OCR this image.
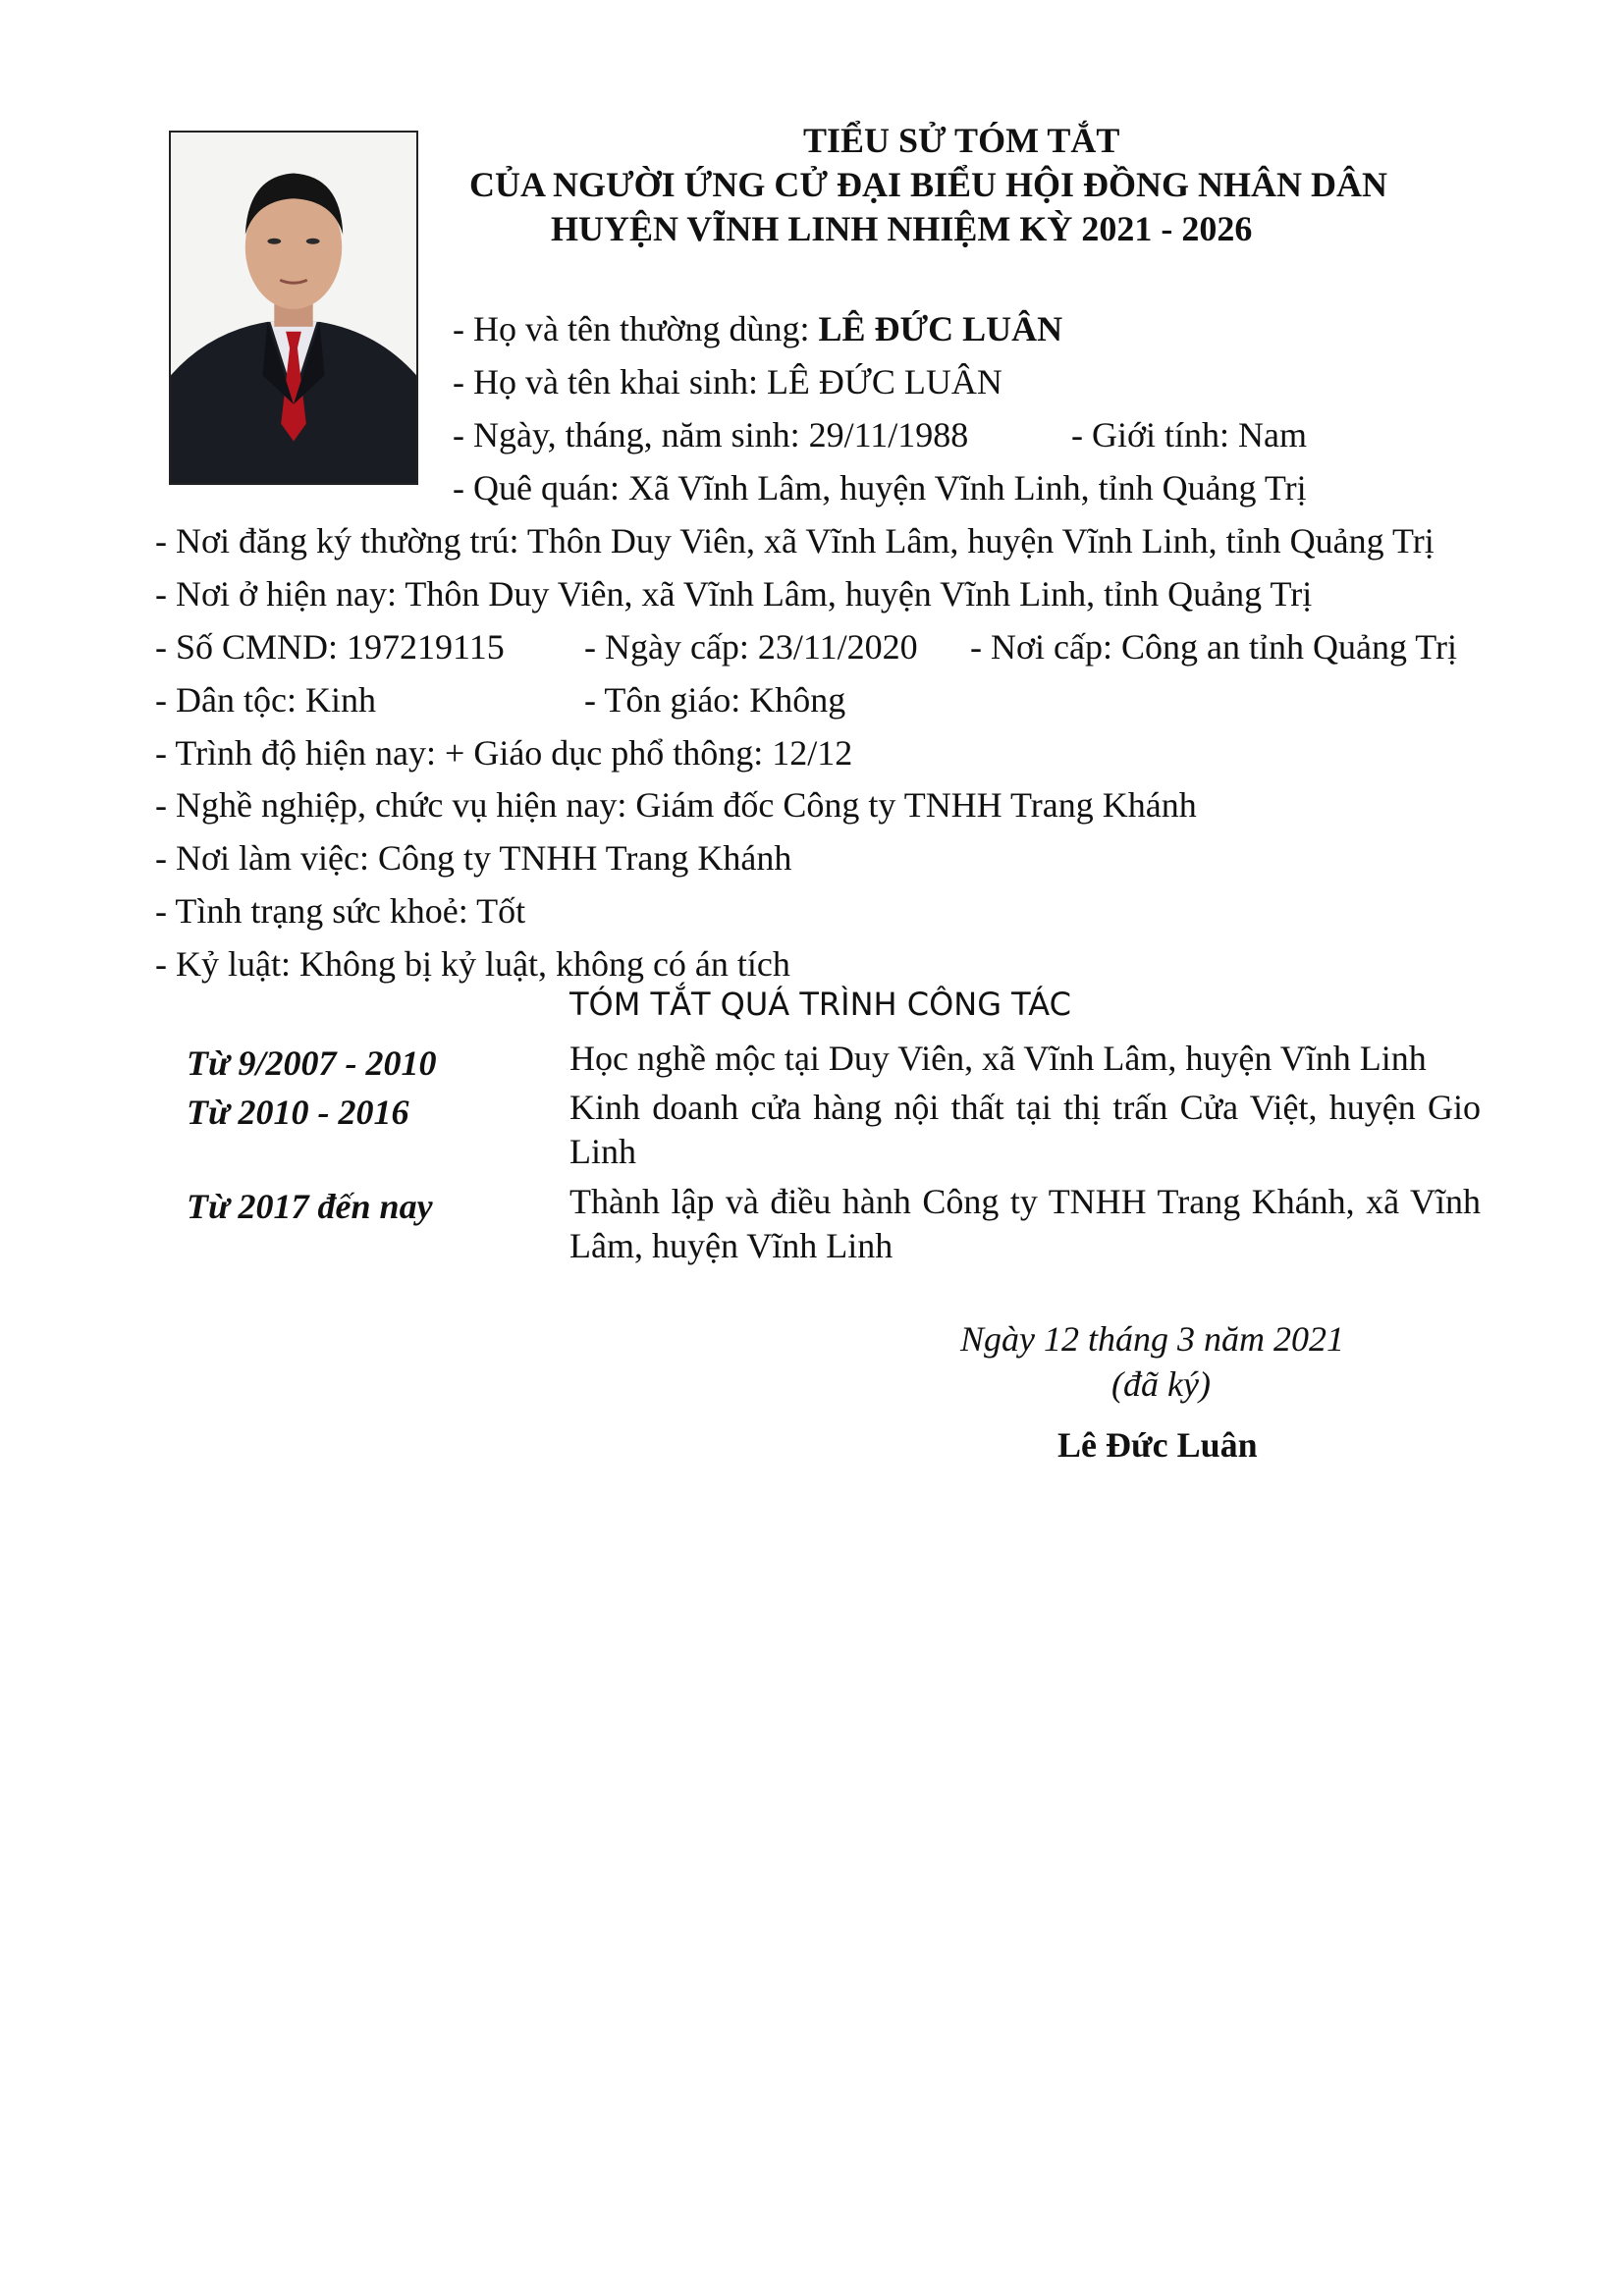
TIỂU SỬ TÓM TẮT
CỦA NGƯỜI ỨNG CỬ ĐẠI BIỂU HỘI ĐỒNG NHÂN DÂN
HUYỆN VĨNH LINH NHIỆM KỲ 2021 - 2026
- Họ và tên thường dùng: LÊ ĐỨC LUÂN
- Họ và tên khai sinh: LÊ ĐỨC LUÂN
- Ngày, tháng, năm sinh: 29/11/1988	- Giới tính: Nam
- Quê quán: Xã Vĩnh Lâm, huyện Vĩnh Linh, tỉnh Quảng Trị
- Nơi đăng ký thường trú: Thôn Duy Viên, xã Vĩnh Lâm, huyện Vĩnh Linh, tỉnh Quảng Trị
- Nơi ở hiện nay: Thôn Duy Viên, xã Vĩnh Lâm, huyện Vĩnh Linh, tỉnh Quảng Trị
- Số CMND: 197219115 - Ngày cấp: 23/11/2020 - Nơi cấp: Công an tỉnh Quảng Trị
- Dân tộc: Kinh	- Tôn giáo: Không
- Trình độ hiện nay: + Giáo dục phổ thông: 12/12
- Nghề nghiệp, chức vụ hiện nay: Giám đốc Công ty TNHH Trang Khánh
- Nơi làm việc: Công ty TNHH Trang Khánh
- Tình trạng sức khoẻ: Tốt
- Kỷ luật: Không bị kỷ luật, không có án tích
TÓM TẮT QUÁ TRÌNH CÔNG TÁC
Từ 9/2007 - 2010	Học nghề mộc tại Duy Viên, xã Vĩnh Lâm, huyện Vĩnh Linh
Từ 2010 - 2016	Kinh doanh cửa hàng nội thất tại thị trấn Cửa Việt, huyện Gio Linh
Từ 2017 đến nay	Thành lập và điều hành Công ty TNHH Trang Khánh, xã Vĩnh Lâm, huyện Vĩnh Linh
Ngày 12 tháng 3 năm 2021
(đã ký)
Lê Đức Luân
